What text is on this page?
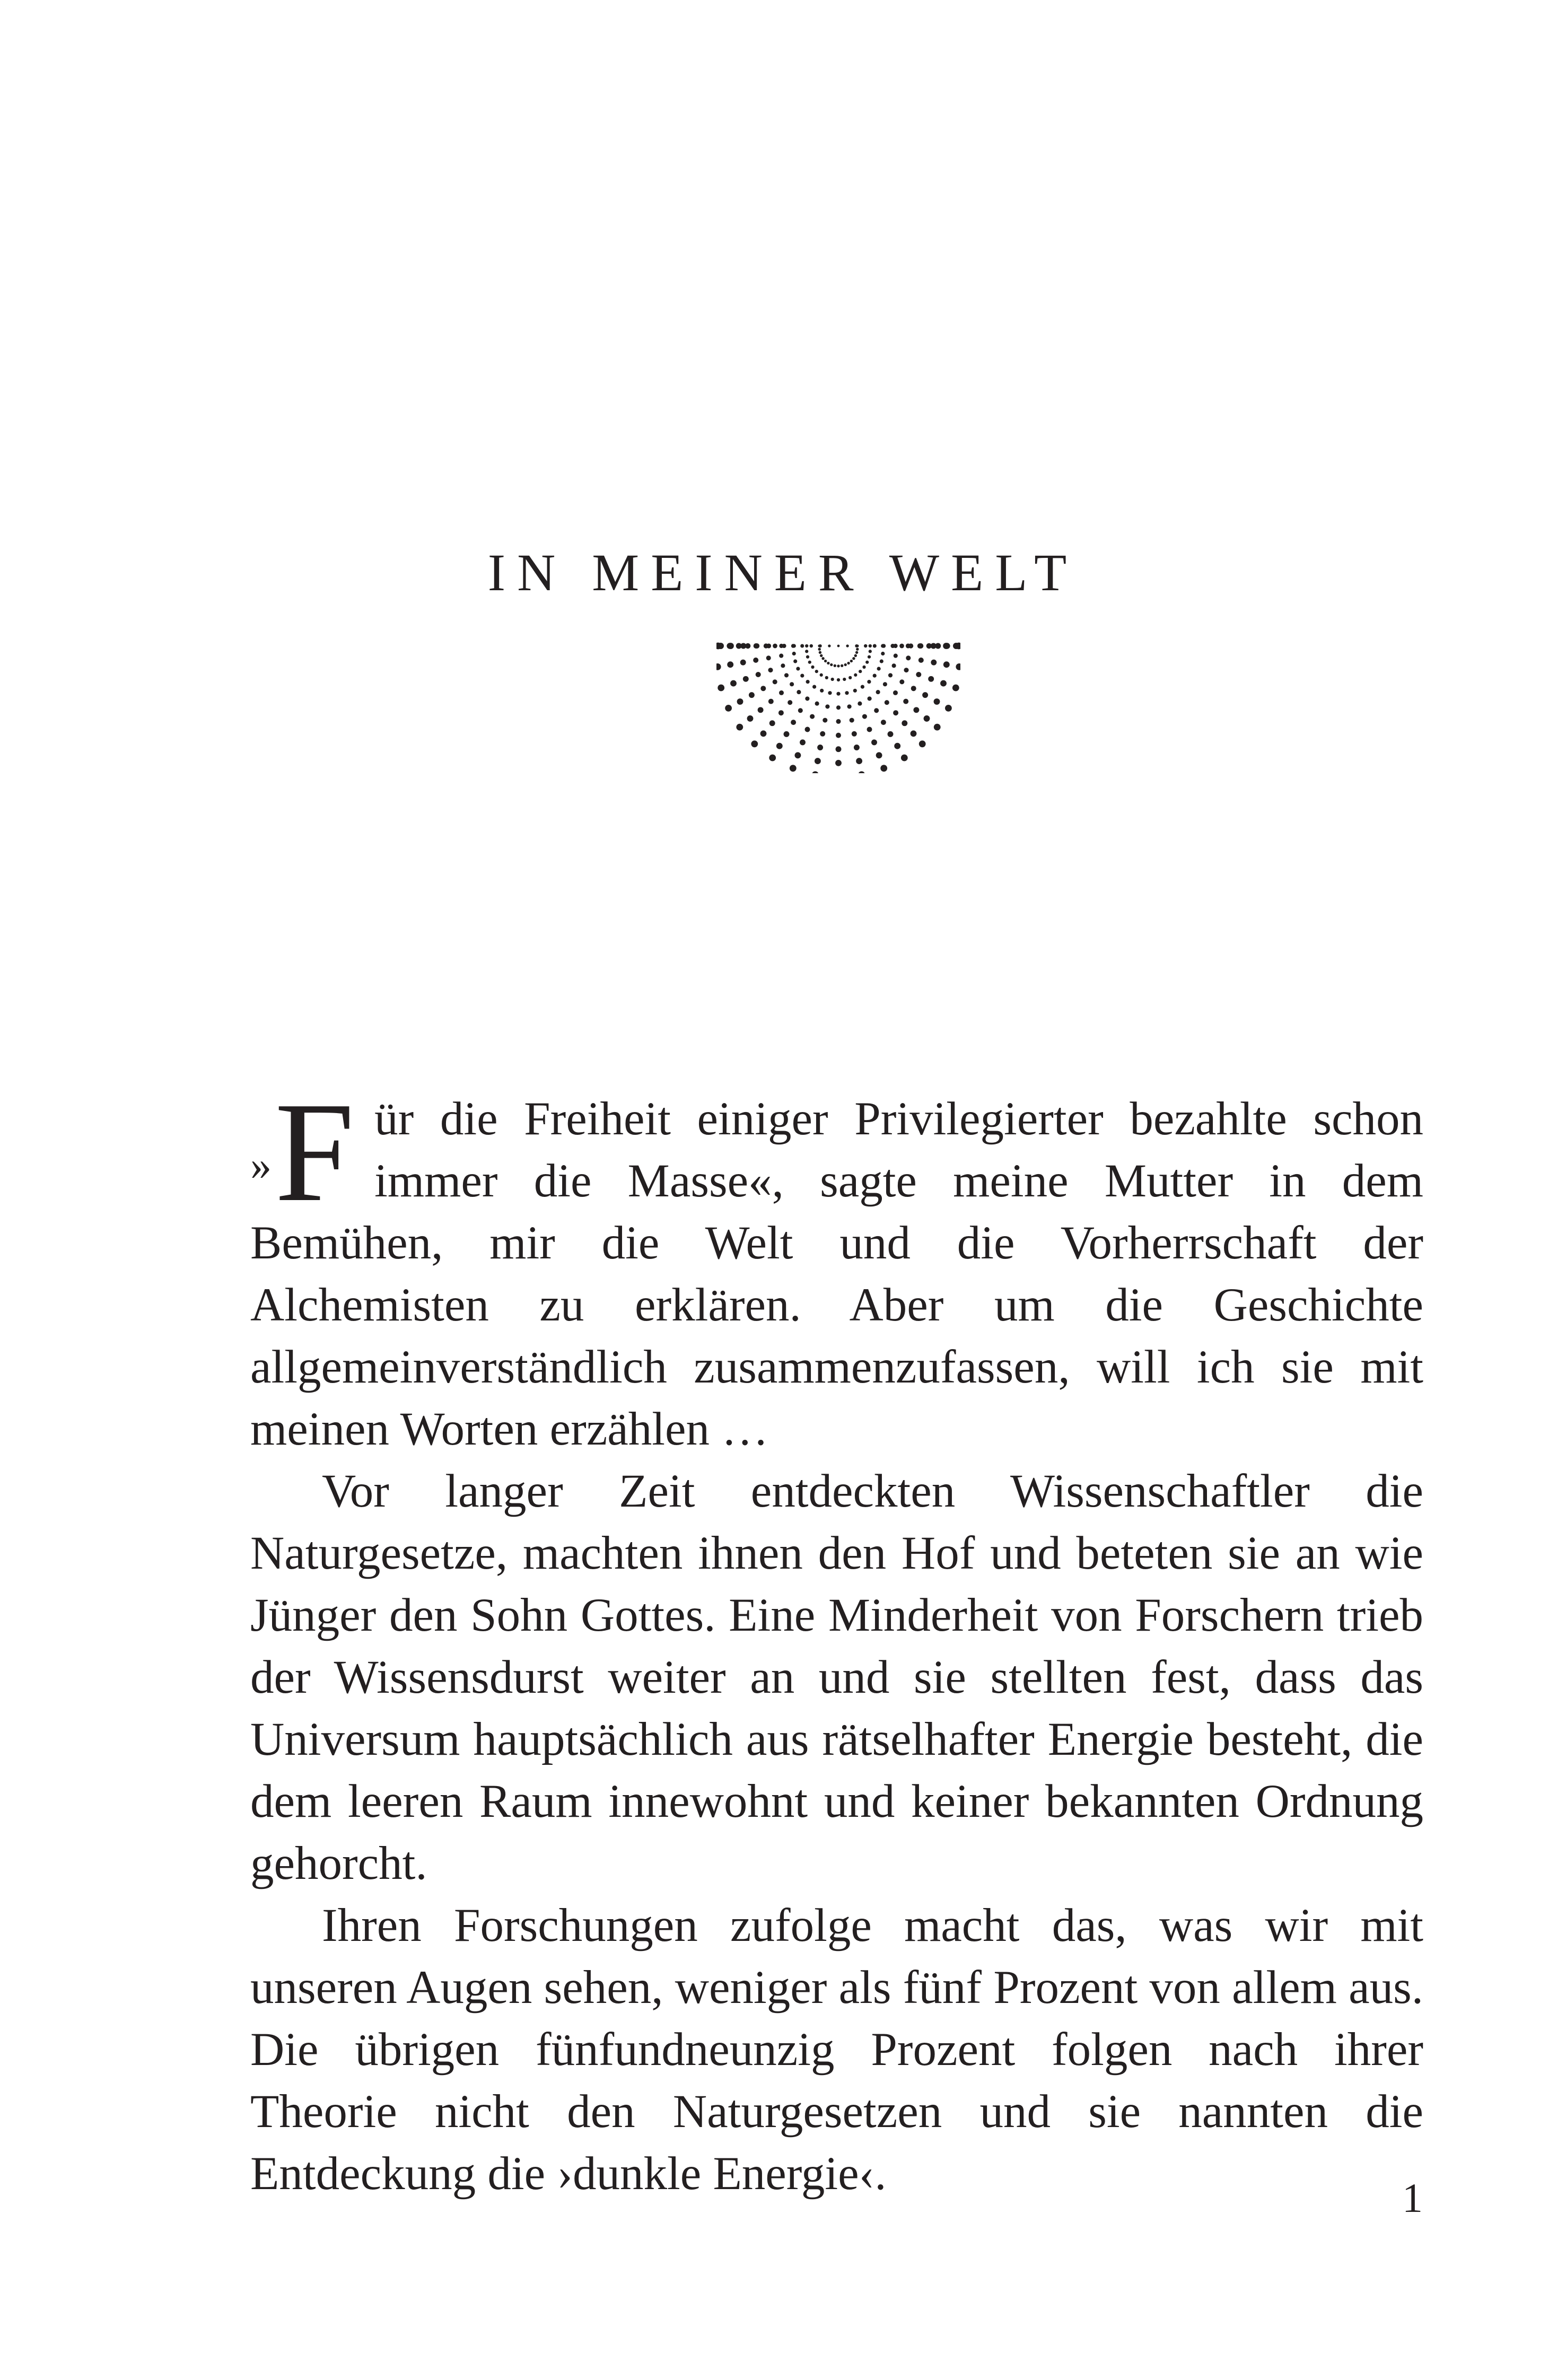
IN MEINER WELT

» F ür die Freiheit einiger Privilegierter bezahlte schon immer die Masse«, sagte meine Mutter in dem Bemühen, mir die Welt und die Vorherrschaft der Alchemisten zu erklären. Aber um die Geschichte allgemeinverständlich zusammenzufassen, will ich sie mit meinen Worten erzählen …

Vor langer Zeit entdeckten Wissenschaftler die Naturgesetze, machten ihnen den Hof und beteten sie an wie Jünger den Sohn Gottes. Eine Minderheit von Forschern trieb der Wissensdurst weiter an und sie stellten fest, dass das Universum hauptsächlich aus rätselhafter Energie besteht, die dem leeren Raum innewohnt und keiner bekannten Ordnung gehorcht.

Ihren Forschungen zufolge macht das, was wir mit unseren Augen sehen, weniger als fünf Prozent von allem aus. Die übrigen fünfundneunzig Prozent folgen nach ihrer Theorie nicht den Naturgesetzen und sie nannten die Entdeckung die ›dunkle Energie‹.	1
